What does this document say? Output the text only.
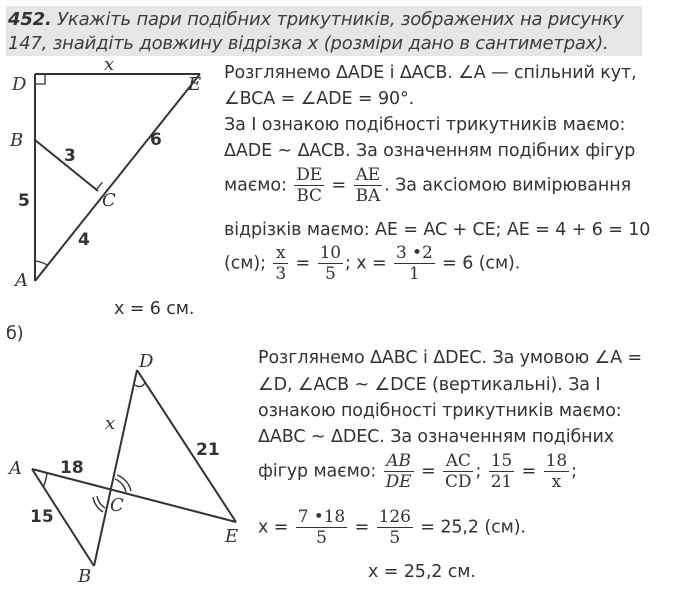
452. Укажіть пари подібних трикутників, зображених на рисунку
147, знайдіть довжину відрізка x (розміри дано в сантиметрах).
D	E
B
C
A
x
3
6
5
4
Розглянемо ΔADE і ΔACB. ∠A — спільний кут,
∠BCA = ∠ADE = 90°.
За I ознакою подібності трикутників маємо:
ΔADE ~ ΔACB. За означенням подібних фігур
маємо: $\frac{DE}{BC} = \frac{AE}{BA}$ . За аксіомою вимірювання
відрізків маємо: AE = AC + CE; AE = 4 + 6 = 10
(см); $\frac{x}{3} = \frac{10}{5}$ ; $x = \frac{3 •2}{1} = 6$ (см).
x = 6 см.
б)
A
D
C
E
B
x
18
15
21
Розглянемо ΔABC і ΔDEC. За умовою ∠A =
∠D, ∠ACB ~ ∠DCE (вертикальні). За I
ознакою подібності трикутників маємо:
ΔABC ~ ΔDEC. За означенням подібних
фігур маємо: $\frac{AB}{DE} = \frac{AC}{CD}$ ; $\frac{15}{21} = \frac{18}{x}$ ;
$x = \frac{7 •18}{5} = \frac{126}{5} = 25,2$ (см).
x = 25,2 см.
